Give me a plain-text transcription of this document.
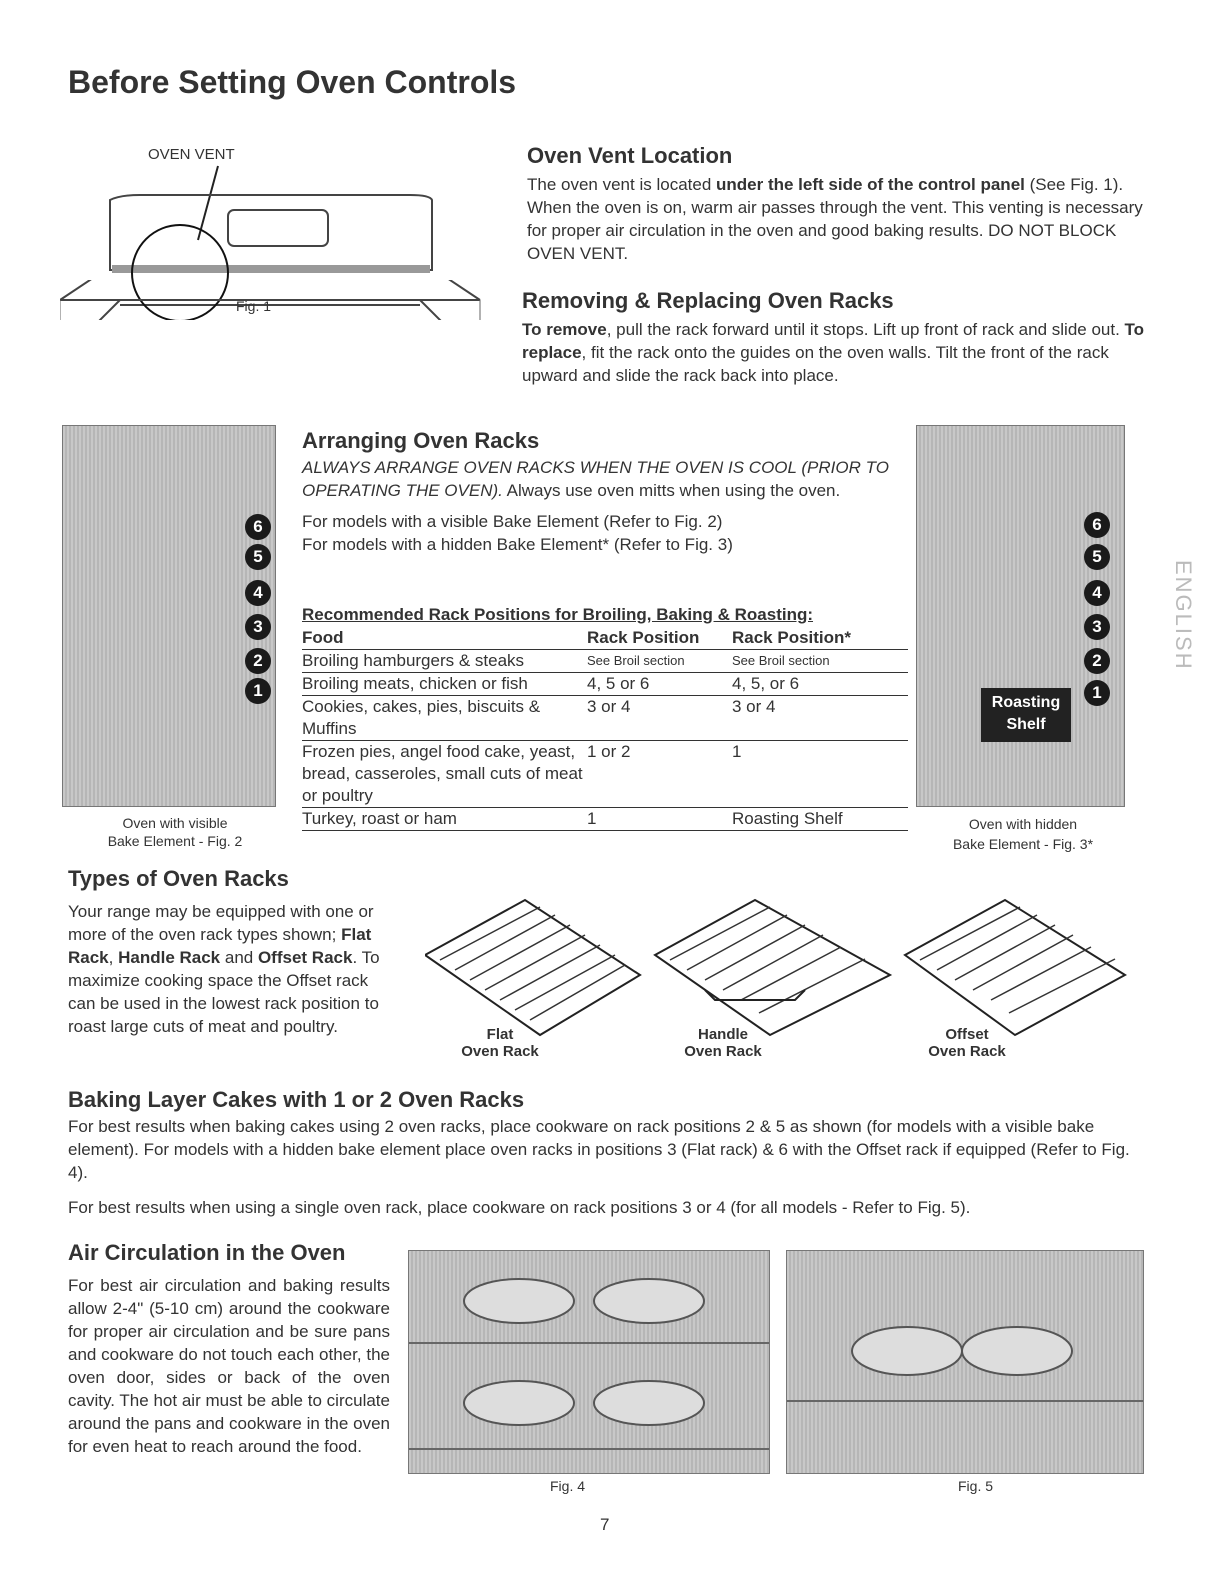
Before Setting Oven Controls
OVEN VENT
Fig. 1
Oven Vent Location
The oven vent is located under the left side of the control panel (See Fig. 1). When the oven is on, warm air passes through the vent. This venting is necessary for proper air circulation in the oven and good baking results. DO NOT BLOCK OVEN VENT.
Removing & Replacing Oven Racks
To remove, pull the rack forward until it stops. Lift up front of rack and slide out. To replace, fit the rack onto the guides on the oven walls. Tilt the front of the rack upward and slide the rack back into place.
6
5
4
3
2
1
Oven with visible
Bake Element - Fig. 2
Arranging Oven Racks
ALWAYS ARRANGE OVEN RACKS WHEN THE OVEN IS COOL (PRIOR TO OPERATING THE OVEN). Always use oven mitts when using the oven.
For models with a visible Bake Element (Refer to Fig. 2)
For models with a hidden Bake Element* (Refer to Fig. 3)
Recommended Rack Positions for Broiling, Baking & Roasting:
Food	Rack Position	Rack Position*
Broiling hamburgers & steaks	See Broil section	See Broil section
Broiling meats, chicken or fish	4, 5 or 6	4, 5, or 6
Cookies, cakes, pies, biscuits & Muffins	3 or 4	3 or 4
Frozen pies, angel food cake, yeast, bread, casseroles, small cuts of meat or poultry	1 or 2	1
Turkey, roast or ham	1	Roasting Shelf
6
5
4
3
2
1
Roasting
Shelf
Oven with hidden
Bake Element - Fig. 3*
ENGLISH
Types of Oven Racks
Your range may be equipped with one or more of the oven rack types shown; Flat Rack, Handle Rack and Offset Rack. To maximize cooking space the Offset rack can be used in the lowest rack position to roast large cuts of meat and poultry.	Flat
Oven Rack
Handle
Oven Rack
Offset
Oven Rack
Baking Layer Cakes with 1 or 2 Oven Racks
For best results when baking cakes using 2 oven racks, place cookware on rack positions 2 & 5 as shown (for models with a visible bake element). For models with a hidden bake element place oven racks in positions 3 (Flat rack) & 6 with the Offset rack if equipped (Refer to Fig. 4).
For best results when using a single oven rack, place cookware on rack positions 3 or 4 (for all models - Refer to Fig. 5).
Air Circulation in the Oven
For best air circulation and baking results allow 2-4" (5-10 cm) around the cookware for proper air circulation and be sure pans and cookware do not touch each other, the oven door, sides or back of the oven cavity. The hot air must be able to circulate around the pans and cookware in the oven for even heat to reach around the food.
Fig. 4	Fig. 5
7
